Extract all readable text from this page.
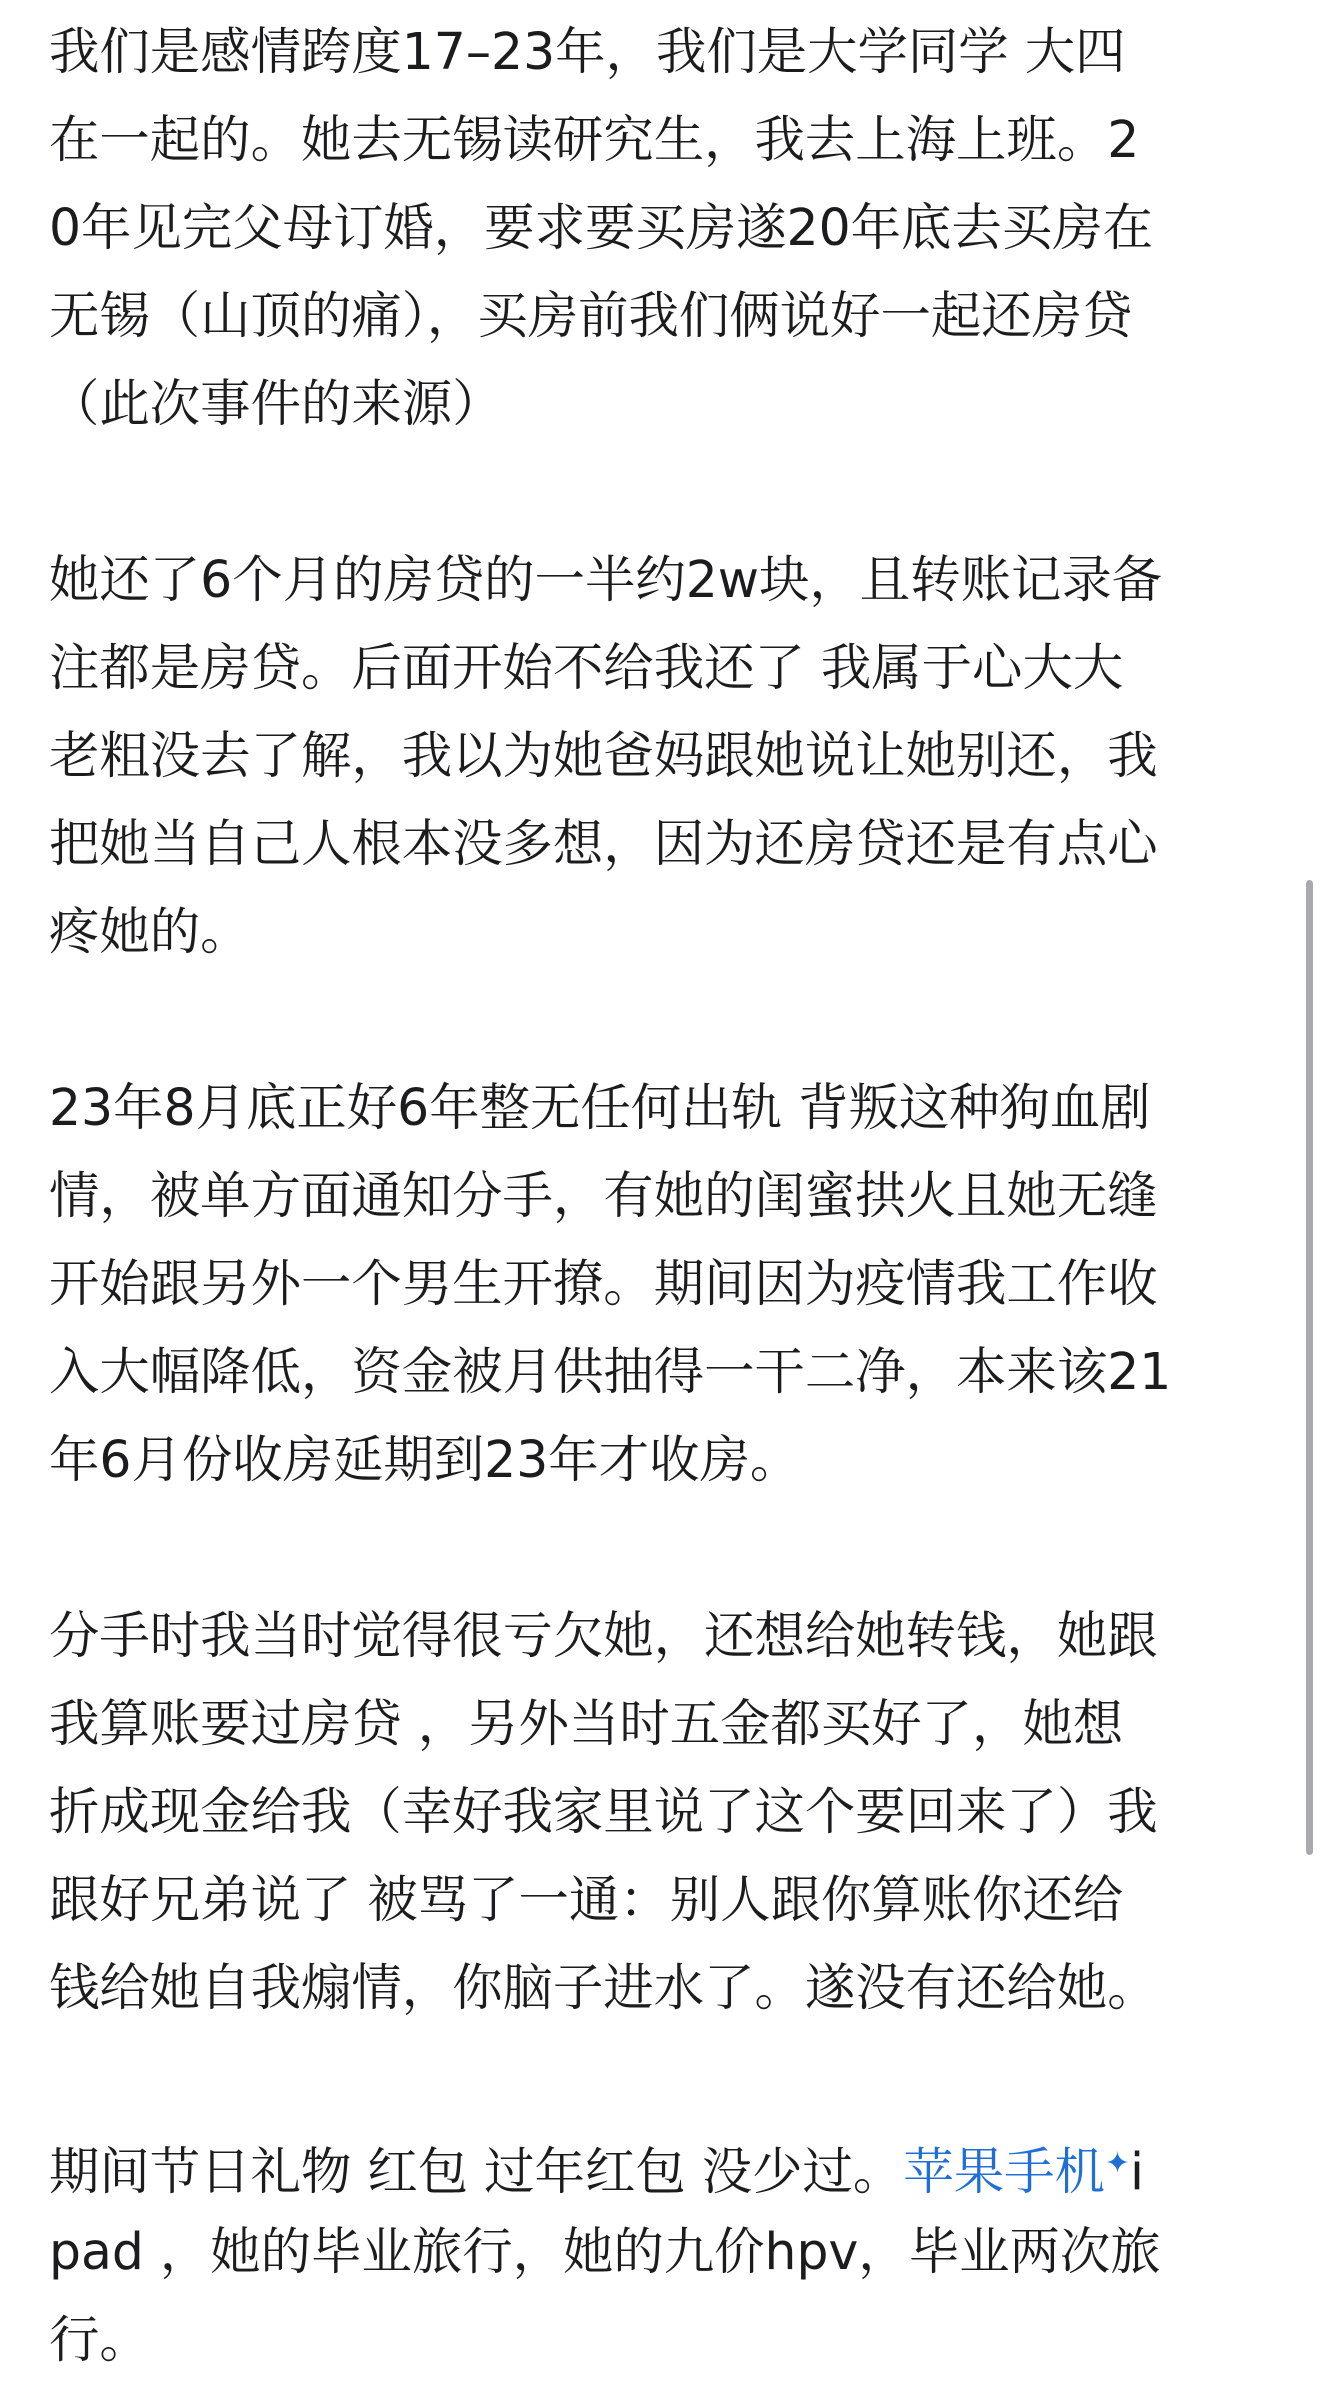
我们是感情跨度17–23年，我们是大学同学 大四
在一起的。她去无锡读研究生，我去上海上班。2
0年见完父母订婚，要求要买房遂20年底去买房在
无锡（山顶的痛），买房前我们俩说好一起还房贷
（此次事件的来源）
她还了6个月的房贷的一半约2w块，且转账记录备
注都是房贷。后面开始不给我还了 我属于心大大
老粗没去了解，我以为她爸妈跟她说让她别还，我
把她当自己人根本没多想，因为还房贷还是有点心
疼她的。
23年8月底正好6年整无任何出轨 背叛这种狗血剧
情，被单方面通知分手，有她的闺蜜拱火且她无缝
开始跟另外一个男生开撩。期间因为疫情我工作收
入大幅降低，资金被月供抽得一干二净，本来该21
年6月份收房延期到23年才收房。
分手时我当时觉得很亏欠她，还想给她转钱，她跟
我算账要过房贷 ，另外当时五金都买好了，她想
折成现金给我（幸好我家里说了这个要回来了）我
跟好兄弟说了 被骂了一通：别人跟你算账你还给
钱给她自我煽情，你脑子进水了。遂没有还给她。
期间节日礼物 红包 过年红包 没少过。苹果手机✦i
pad ，她的毕业旅行，她的九价hpv，毕业两次旅
行。
